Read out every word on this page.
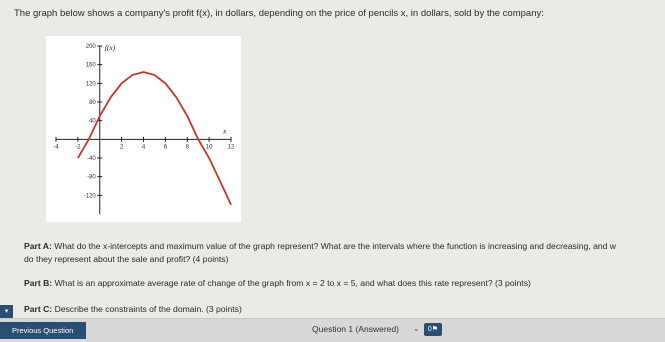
The graph below shows a company's profit f(x), in dollars, depending on the price of pencils x, in dollars, sold by the company:
-4	-2	2	4	6	8	10	12
200
160
120
80
40
-40
-80
-120
f(x)
x
Part A: What do the x-intercepts and maximum value of the graph represent? What are the intervals where the function is increasing and decreasing, and w
do they represent about the sale and profit? (4 points)
Part B: What is an approximate average rate of change of the graph from x = 2 to x = 5, and what does this rate represent? (3 points)
Part C: Describe the constraints of the domain. (3 points)
▾
Previous Question	Question 1 (Answered) ⌄	0⚑
